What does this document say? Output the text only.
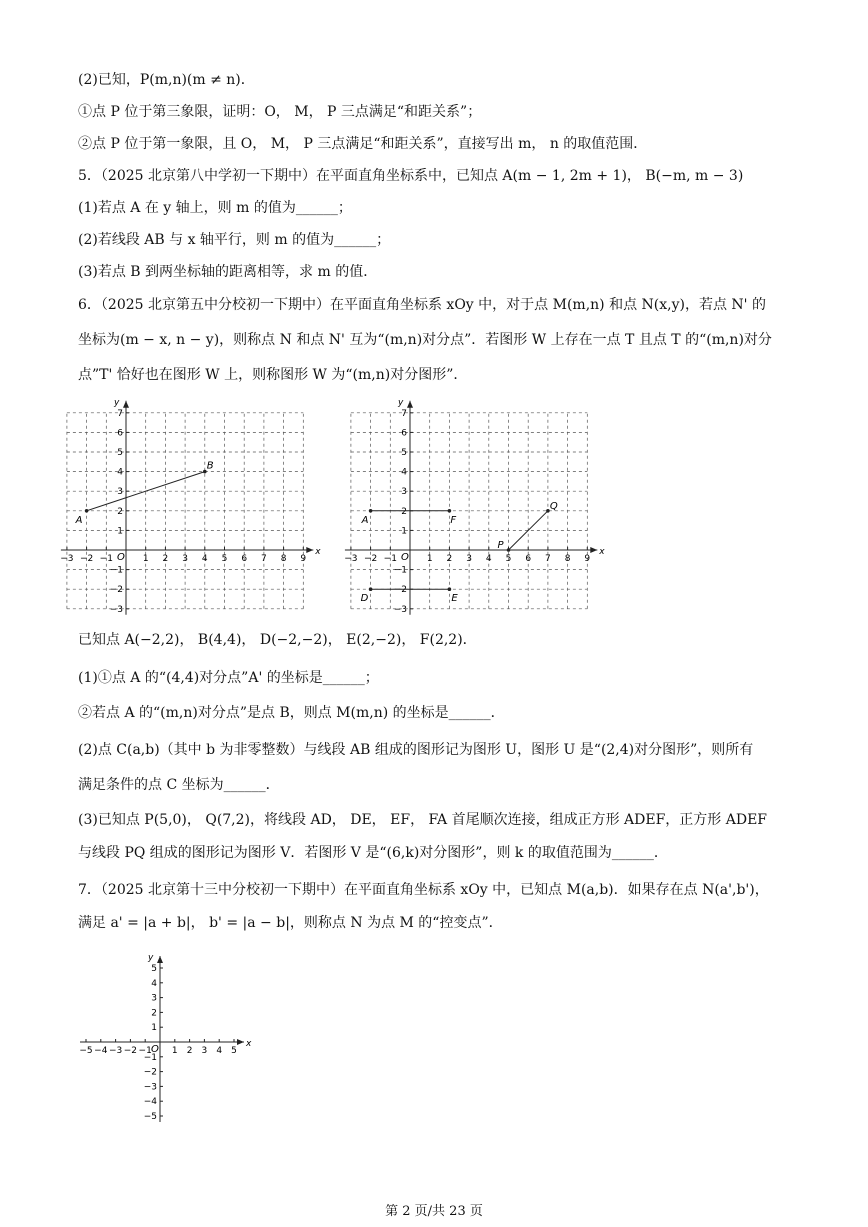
(2)已知，P(m,n)(m ≠ n)．
①点 P 位于第三象限，证明：O， M， P 三点满足“和距关系”；
②点 P 位于第一象限，且 O， M， P 三点满足“和距关系”，直接写出 m， n 的取值范围．
5．（2025 北京第八中学初一下期中）在平面直角坐标系中，已知点 A(m − 1, 2m + 1)， B(−m, m − 3)
(1)若点 A 在 y 轴上，则 m 的值为______；
(2)若线段 AB 与 x 轴平行，则 m 的值为______；
(3)若点 B 到两坐标轴的距离相等，求 m 的值．
6．（2025 北京第五中分校初一下期中）在平面直角坐标系 xOy 中，对于点 M(m,n) 和点 N(x,y)，若点 N' 的
坐标为(m − x, n − y)，则称点 N 和点 N' 互为“(m,n)对分点”．若图形 W 上存在一点 T 且点 T 的“(m,n)对分
点”T' 恰好也在图形 W 上，则称图形 W 为“(m,n)对分图形”．
x
y
O
−3 −2 −1	1 2 3 4 5 6 7 8 9
−3
−2
−1
1
2
3
4
5
6
7
A
B
x
y
O
−3 −2 −1	1 2 3 4 5 6 7 8 9
−3
−2
−1
1
2
3
4
5
6
7
A	F
D	E
P
Q
已知点 A(−2,2)， B(4,4)， D(−2,−2)， E(2,−2)， F(2,2)．
(1)①点 A 的“(4,4)对分点”A' 的坐标是______；
②若点 A 的“(m,n)对分点”是点 B，则点 M(m,n) 的坐标是______．
(2)点 C(a,b)（其中 b 为非零整数）与线段 AB 组成的图形记为图形 U，图形 U 是“(2,4)对分图形”，则所有
满足条件的点 C 坐标为______．
(3)已知点 P(5,0)， Q(7,2)，将线段 AD， DE， EF， FA 首尾顺次连接，组成正方形 ADEF，正方形 ADEF
与线段 PQ 组成的图形记为图形 V．若图形 V 是“(6,k)对分图形”，则 k 的取值范围为______．
7．（2025 北京第十三中分校初一下期中）在平面直角坐标系 xOy 中，已知点 M(a,b)．如果存在点 N(a',b')，
满足 a' = |a + b|， b' = |a − b|，则称点 N 为点 M 的“控变点”．
x
y
O
−5 −4 −3 −2 −1 1 2 3 4 5
−5
−4
−3
−2
−1
1
2
3
4
5
第 2 页/共 23 页
